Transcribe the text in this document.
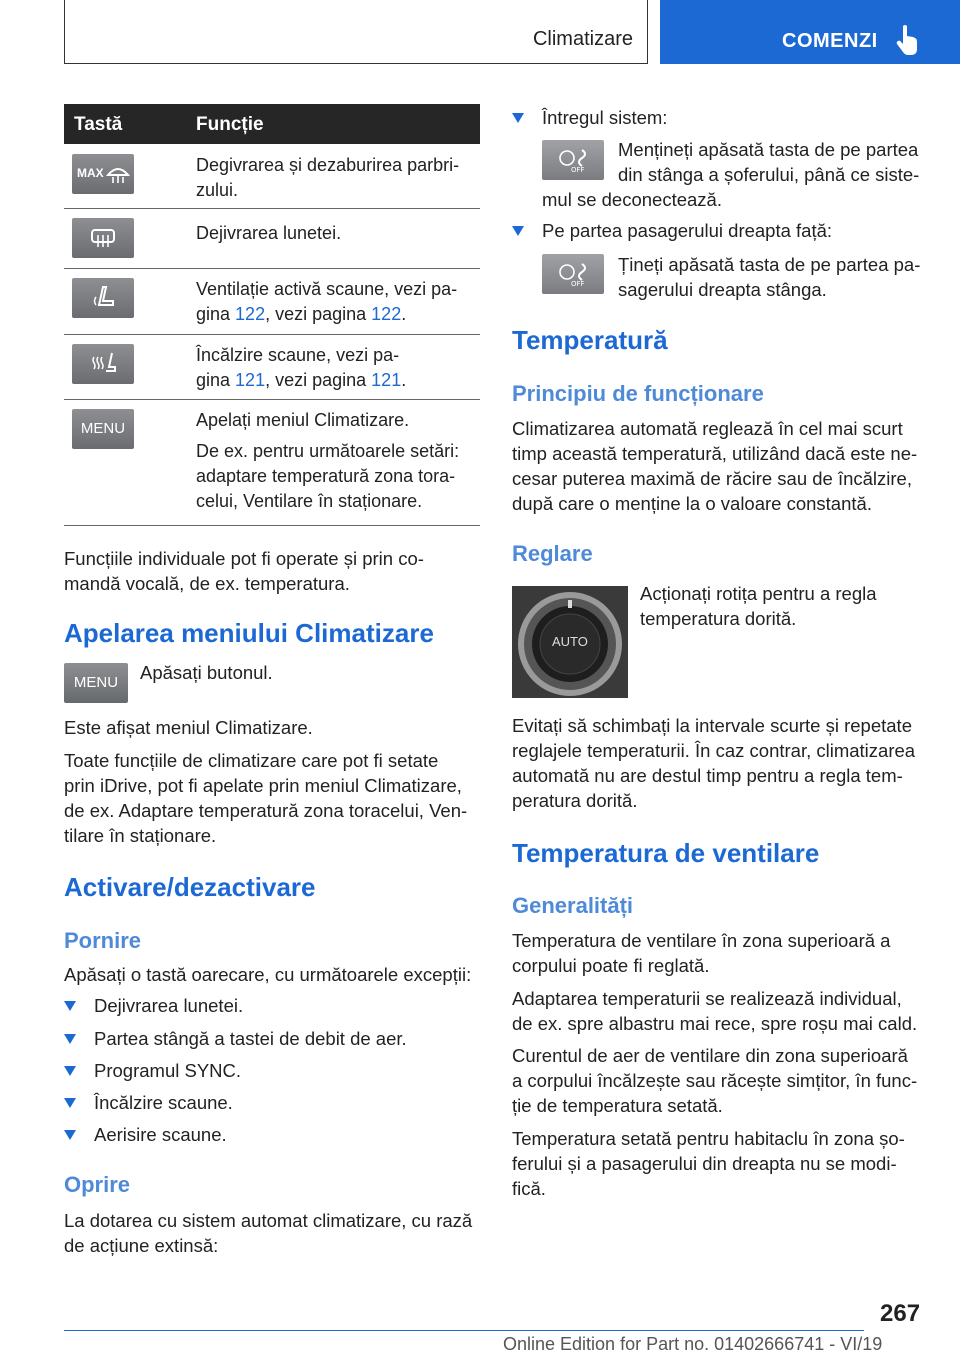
Climatizare	COMENZI
Tastă	Funcție
MAX	Degivrarea și dezaburirea parbri-
zului.
Dejivrarea lunetei.
Ventilație activă scaune, vezi pa-
gina 122, vezi pagina 122.
Încălzire scaune, vezi pa-
gina 121, vezi pagina 121.
MENU	Apelați meniul Climatizare.

De ex. pentru următoarele setări:
adaptare temperatură zona tora-
celui, Ventilare în staționare.
Funcțiile individuale pot fi operate și prin co-
mandă vocală, de ex. temperatura.
Apelarea meniului Climatizare
MENU	Apăsați butonul.
Este afișat meniul Climatizare.
Toate funcțiile de climatizare care pot fi setate
prin iDrive, pot fi apelate prin meniul Climatizare,
de ex. Adaptare temperatură zona toracelui, Ven-
tilare în staționare.
Activare/dezactivare
Pornire
Apăsați o tastă oarecare, cu următoarele excepții:
Dejivrarea lunetei.
Partea stângă a tastei de debit de aer.
Programul SYNC.
Încălzire scaune.
Aerisire scaune.
Oprire
La dotarea cu sistem automat climatizare, cu rază
de acțiune extinsă:
Întregul sistem:
OFF
Mențineți apăsată tasta de pe partea
din stânga a șoferului, până ce siste-
mul se deconectează.
Pe partea pasagerului dreapta față:
OFF
Țineți apăsată tasta de pe partea pa-
sagerului dreapta stânga.
Temperatură
Principiu de funcționare
Climatizarea automată reglează în cel mai scurt
timp această temperatură, utilizând dacă este ne-
cesar puterea maximă de răcire sau de încălzire,
după care o menține la o valoare constantă.
Reglare
AUTO
Acționați rotița pentru a regla
temperatura dorită.
Evitați să schimbați la intervale scurte și repetate
reglajele temperaturii. În caz contrar, climatizarea
automată nu are destul timp pentru a regla tem-
peratura dorită.
Temperatura de ventilare
Generalități
Temperatura de ventilare în zona superioară a
corpului poate fi reglată.
Adaptarea temperaturii se realizează individual,
de ex. spre albastru mai rece, spre roșu mai cald.
Curentul de aer de ventilare din zona superioară
a corpului încălzește sau răcește simțitor, în func-
ție de temperatura setată.
Temperatura setată pentru habitaclu în zona șo-
ferului și a pasagerului din dreapta nu se modi-
fică.
267
Online Edition for Part no. 01402666741 - VI/19
